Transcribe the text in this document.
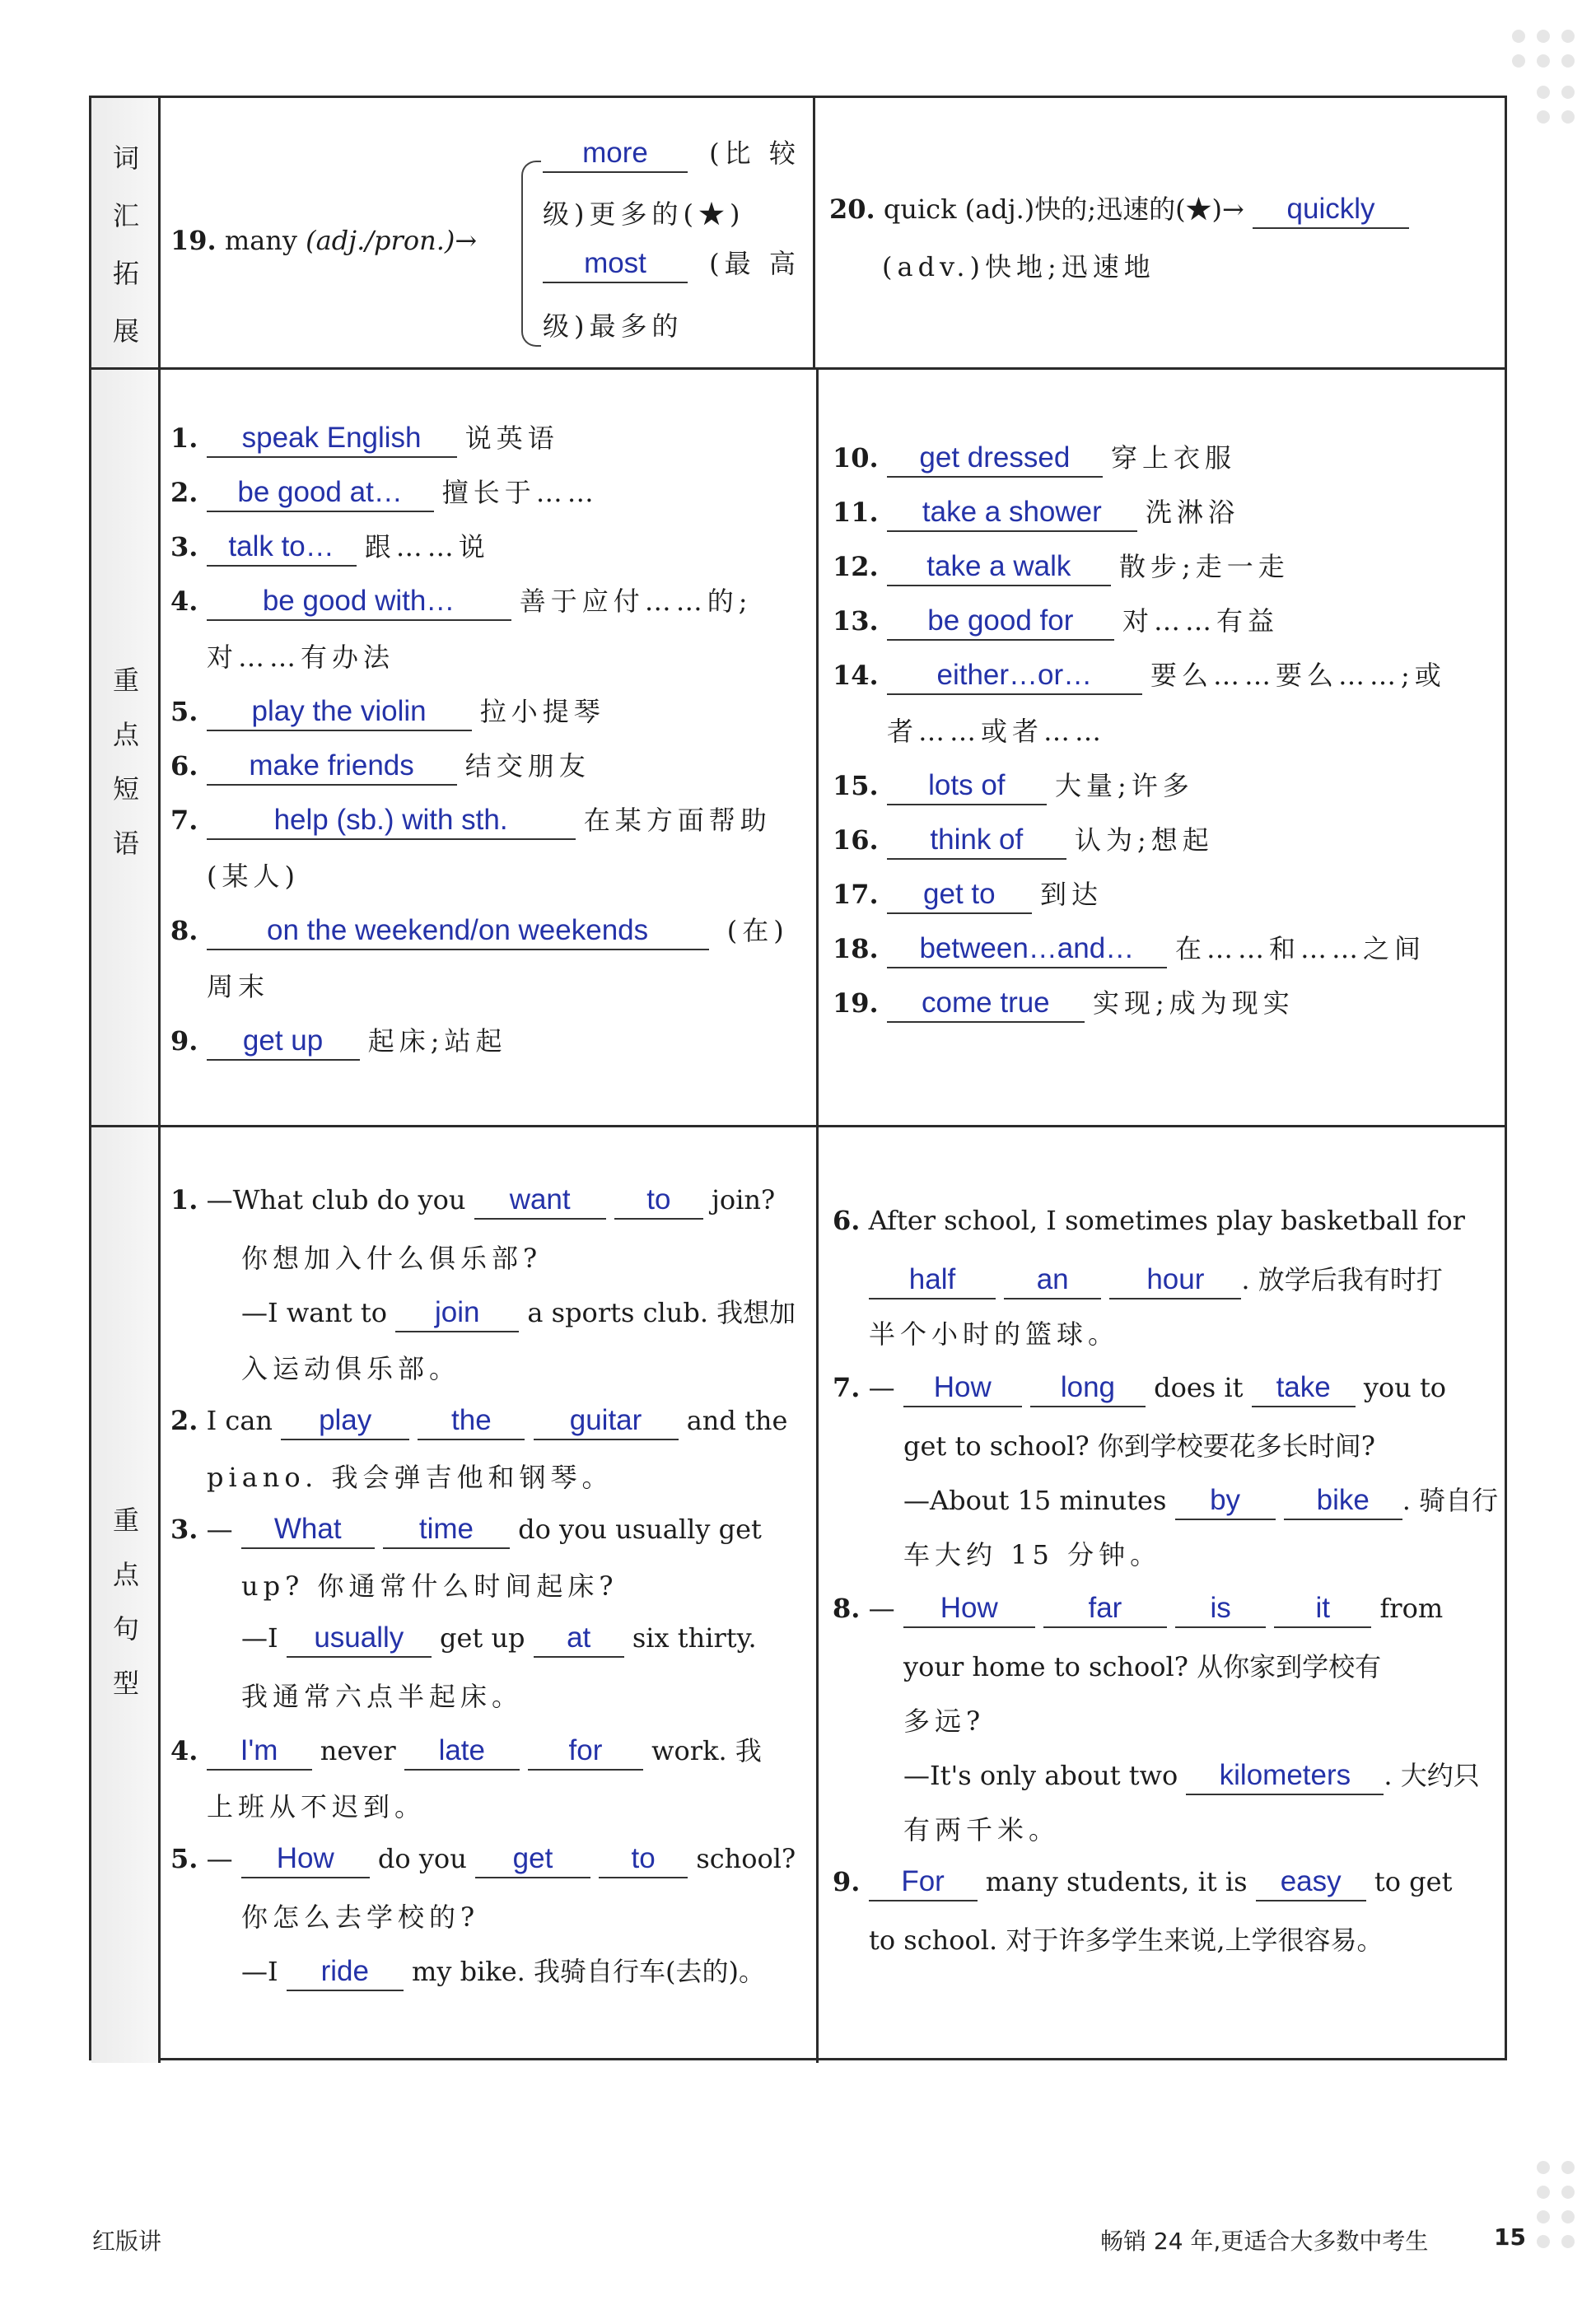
词
汇
拓
展
19. many (adj./pron.)→
more (比 较
级)更多的(★)
most (最 高
级)最多的
20. quick (adj.)快的;迅速的(★)→ quickly
(adv.)快地;迅速地
重
点
短
语
1. speak English 说英语
2. be good at… 擅长于……
3. talk to… 跟……说
4. be good with… 善于应付……的;
对……有办法
5. play the violin 拉小提琴
6. make friends 结交朋友
7.	help (sb.) with sth.	在某方面帮助
(某人)
8. on the weekend/on weekends	(在)
周末
9. get up 起床;站起
10. get dressed 穿上衣服
11. take a shower 洗淋浴
12. take a walk 散步;走一走
13. be good for 对……有益
14. either…or… 要么……要么……;或
者……或者……
15. lots of 大量;许多
16. think of 认为;想起
17. get to 到达
18. between…and… 在……和……之间
19. come true 实现;成为现实
重
点
句
型
1. —What club do you want	to join?
你想加入什么俱乐部?
—I want to join a sports club. 我想加
入运动俱乐部。
2. I can play	the	guitar and the
piano. 我会弹吉他和钢琴。
3. — What	time do you usually get
up? 你通常什么时间起床?
—I usually get up at six thirty.
我通常六点半起床。
4. I'm never late	for work. 我
上班从不迟到。
5. — How do you get	to school?
你怎么去学校的?
—I ride my bike. 我骑自行车(去的)。
6. After school, I sometimes play basketball for
half	an	hour . 放学后我有时打
半个小时的篮球。
7. — How long does it take you to
get to school? 你到学校要花多长时间?
—About 15 minutes by	bike . 骑自行
车大约 15 分钟。
8. — How	far	is	it from
your home to school? 从你家到学校有
多远?
—It's only about two kilometers . 大约只
有两千米。
9. For many students, it is easy to get
to school. 对于许多学生来说,上学很容易。
红版讲	畅销 24 年,更适合大多数中考生	15
